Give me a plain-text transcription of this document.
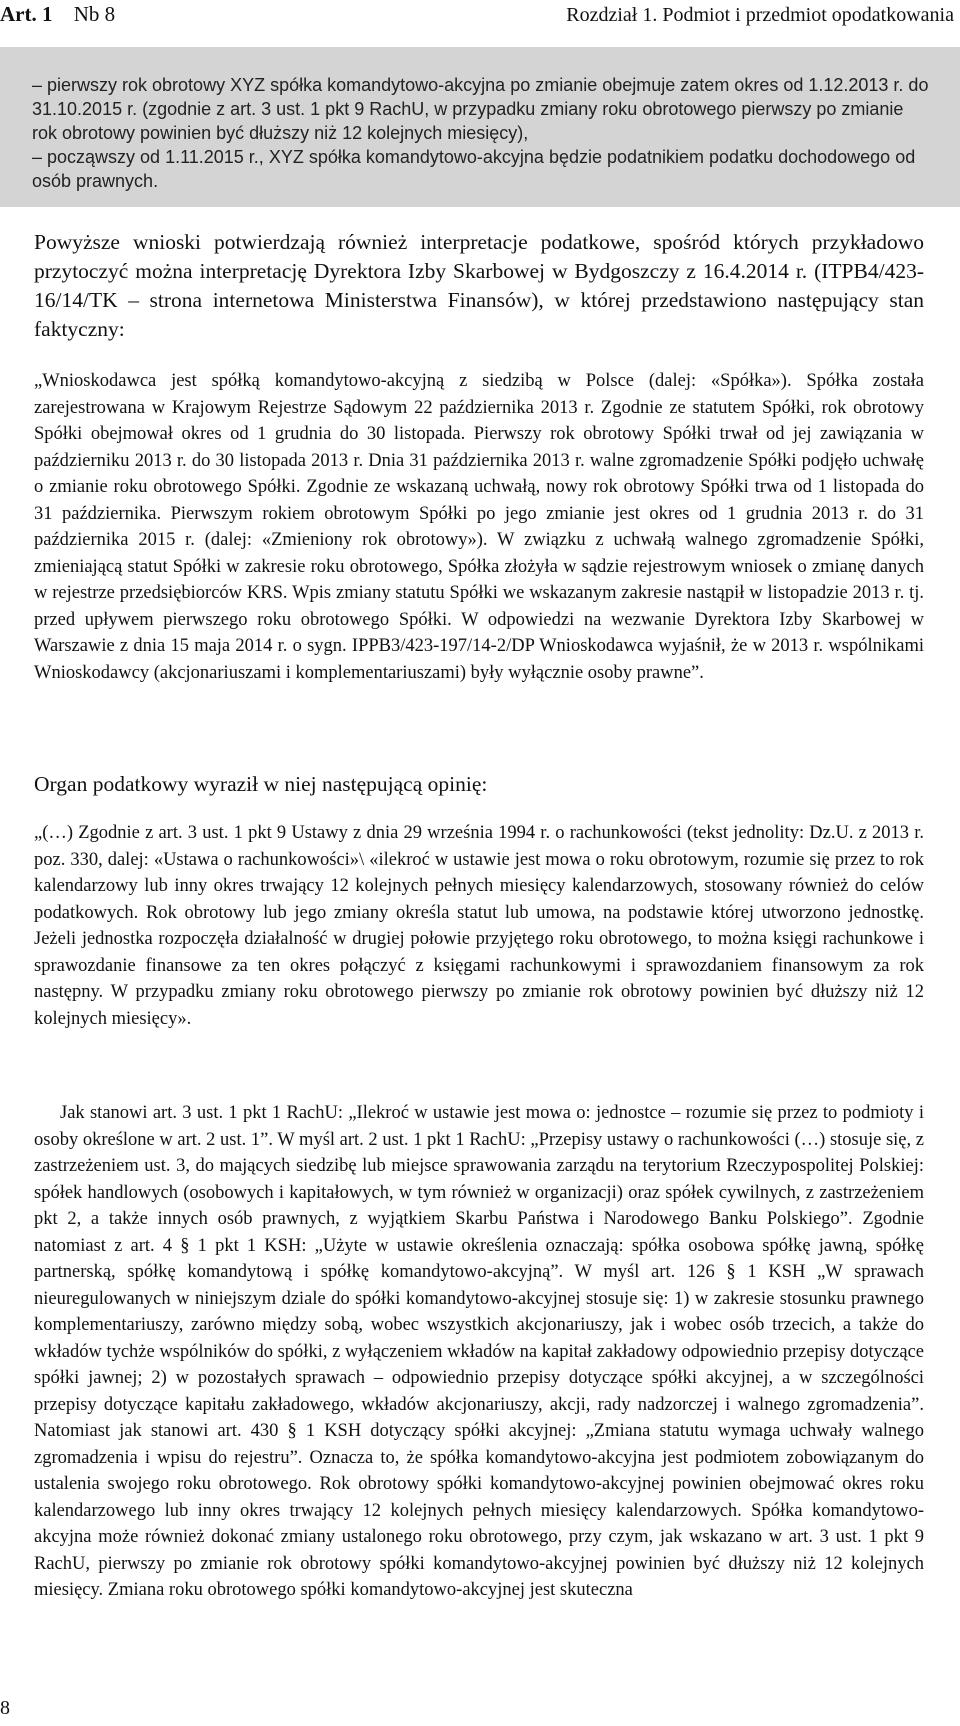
Art. 1 Nb 8	Rozdział 1. Podmiot i przedmiot opodatkowania

– pierwszy rok obrotowy XYZ spółka komandytowo-akcyjna po zmianie obejmuje zatem okres od 1.12.2013 r. do 31.10.2015 r. (zgodnie z art. 3 ust. 1 pkt 9 RachU, w przypadku zmiany roku obrotowego pierwszy po zmianie rok obrotowy powinien być dłuższy niż 12 kolejnych miesięcy),

– począwszy od 1.11.2015 r., XYZ spółka komandytowo-akcyjna będzie podatnikiem podatku dochodowego od osób prawnych.

Powyższe wnioski potwierdzają również interpretacje podatkowe, spośród których przykładowo przytoczyć można interpretację Dyrektora Izby Skarbowej w Bydgoszczy z 16.4.2014 r. (ITPB4/423-16/14/TK – strona internetowa Ministerstwa Finansów), w której przedstawiono następujący stan faktyczny:

„Wnioskodawca jest spółką komandytowo-akcyjną z siedzibą w Polsce (dalej: «Spółka»). Spółka została zarejestrowana w Krajowym Rejestrze Sądowym 22 października 2013 r. Zgodnie ze statutem Spółki, rok obrotowy Spółki obejmował okres od 1 grudnia do 30 listopada. Pierwszy rok obrotowy Spółki trwał od jej zawiązania w październiku 2013 r. do 30 listopada 2013 r. Dnia 31 października 2013 r. walne zgromadzenie Spółki podjęło uchwałę o zmianie roku obrotowego Spółki. Zgodnie ze wskazaną uchwałą, nowy rok obrotowy Spółki trwa od 1 listopada do 31 października. Pierwszym rokiem obrotowym Spółki po jego zmianie jest okres od 1 grudnia 2013 r. do 31 października 2015 r. (dalej: «Zmieniony rok obrotowy»). W związku z uchwałą walnego zgromadzenie Spółki, zmieniającą statut Spółki w zakresie roku obrotowego, Spółka złożyła w sądzie rejestrowym wniosek o zmianę danych w rejestrze przedsiębiorców KRS. Wpis zmiany statutu Spółki we wskazanym zakresie nastąpił w listopadzie 2013 r. tj. przed upływem pierwszego roku obrotowego Spółki. W odpowiedzi na wezwanie Dyrektora Izby Skarbowej w Warszawie z dnia 15 maja 2014 r. o sygn. IPPB3/423-197/14-2/DP Wnioskodawca wyjaśnił, że w 2013 r. wspólnikami Wnioskodawcy (akcjonariuszami i komplementariuszami) były wyłącznie osoby prawne”.

Organ podatkowy wyraził w niej następującą opinię:

„(…) Zgodnie z art. 3 ust. 1 pkt 9 Ustawy z dnia 29 września 1994 r. o rachunkowości (tekst jednolity: Dz.U. z 2013 r. poz. 330, dalej: «Ustawa o rachunkowości»\ «ilekroć w ustawie jest mowa o roku obrotowym, rozumie się przez to rok kalendarzowy lub inny okres trwający 12 kolejnych pełnych miesięcy kalendarzowych, stosowany również do celów podatkowych. Rok obrotowy lub jego zmiany określa statut lub umowa, na podstawie której utworzono jednostkę. Jeżeli jednostka rozpoczęła działalność w drugiej połowie przyjętego roku obrotowego, to można księgi rachunkowe i sprawozdanie finansowe za ten okres połączyć z księgami rachunkowymi i sprawozdaniem finansowym za rok następny. W przypadku zmiany roku obrotowego pierwszy po zmianie rok obrotowy powinien być dłuższy niż 12 kolejnych miesięcy».

Jak stanowi art. 3 ust. 1 pkt 1 RachU: „Ilekroć w ustawie jest mowa o: jednostce – rozumie się przez to podmioty i osoby określone w art. 2 ust. 1”. W myśl art. 2 ust. 1 pkt 1 RachU: „Przepisy ustawy o rachunkowości (…) stosuje się, z zastrzeżeniem ust. 3, do mających siedzibę lub miejsce sprawowania zarządu na terytorium Rzeczypospolitej Polskiej: spółek handlowych (osobowych i kapitałowych, w tym również w organizacji) oraz spółek cywilnych, z zastrzeżeniem pkt 2, a także innych osób prawnych, z wyjątkiem Skarbu Państwa i Narodowego Banku Polskiego”. Zgodnie natomiast z art. 4 § 1 pkt 1 KSH: „Użyte w ustawie określenia oznaczają: spółka osobowa spółkę jawną, spółkę partnerską, spółkę komandytową i spółkę komandytowo-akcyjną”. W myśl art. 126 § 1 KSH „W sprawach nieuregulowanych w niniejszym dziale do spółki komandytowo-akcyjnej stosuje się: 1) w zakresie stosunku prawnego komplementariuszy, zarówno między sobą, wobec wszystkich akcjonariuszy, jak i wobec osób trzecich, a także do wkładów tychże wspólników do spółki, z wyłączeniem wkładów na kapitał zakładowy odpowiednio przepisy dotyczące spółki jawnej; 2) w pozostałych sprawach – odpowiednio przepisy dotyczące spółki akcyjnej, a w szczególności przepisy dotyczące kapitału zakładowego, wkładów akcjonariuszy, akcji, rady nadzorczej i walnego zgromadzenia”. Natomiast jak stanowi art. 430 § 1 KSH dotyczący spółki akcyjnej: „Zmiana statutu wymaga uchwały walnego zgromadzenia i wpisu do rejestru”. Oznacza to, że spółka komandytowo-akcyjna jest podmiotem zobowiązanym do ustalenia swojego roku obrotowego. Rok obrotowy spółki komandytowo-akcyjnej powinien obejmować okres roku kalendarzowego lub inny okres trwający 12 kolejnych pełnych miesięcy kalendarzowych. Spółka komandytowo-akcyjna może również dokonać zmiany ustalonego roku obrotowego, przy czym, jak wskazano w art. 3 ust. 1 pkt 9 RachU, pierwszy po zmianie rok obrotowy spółki komandytowo-akcyjnej powinien być dłuższy niż 12 kolejnych miesięcy. Zmiana roku obrotowego spółki komandytowo-akcyjnej jest skuteczna

8
